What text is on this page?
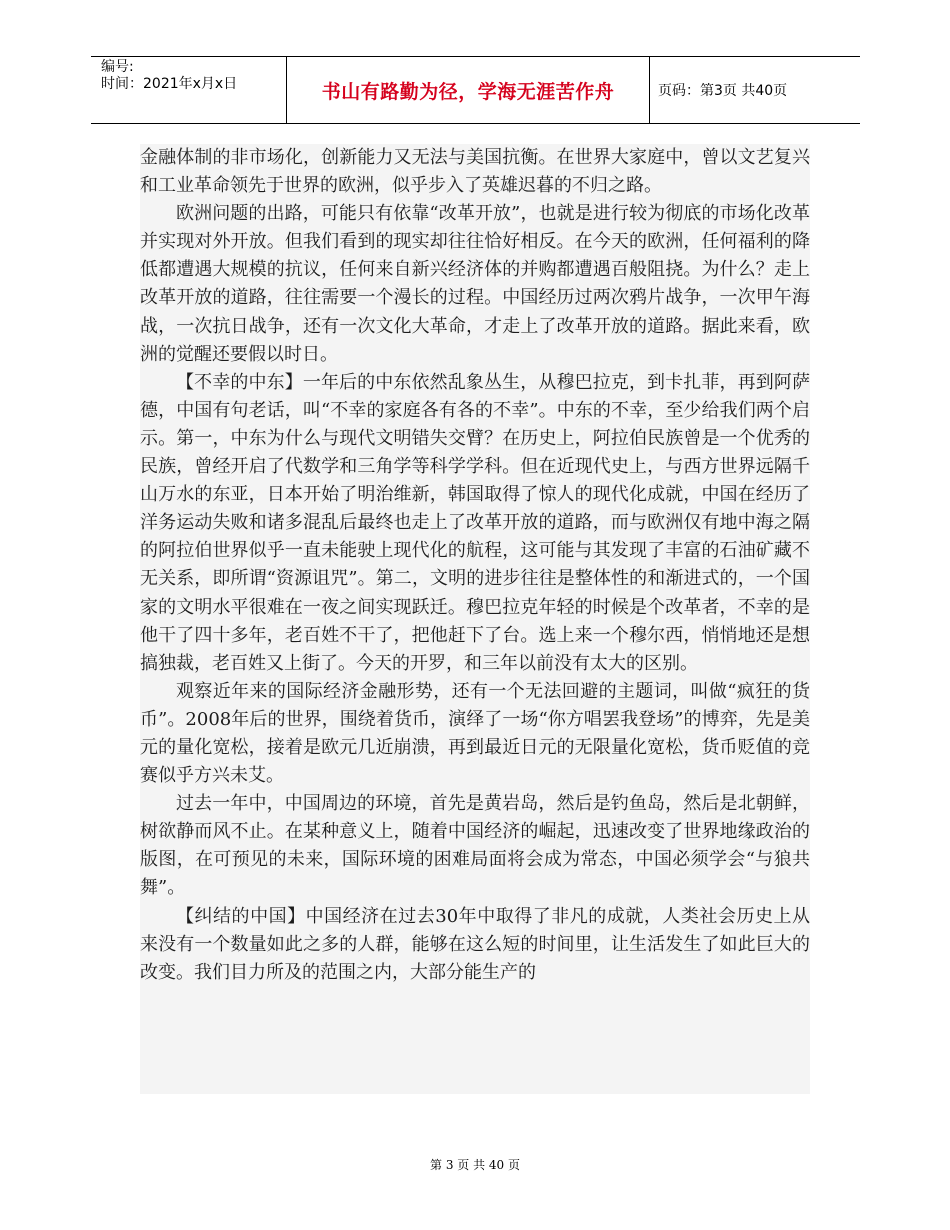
编号:
时间：2021年x月x日	书山有路勤为径，学海无涯苦作舟	页码：第3页 共40页

金融体制的非市场化，创新能力又无法与美国抗衡。在世界大家庭中，曾以文艺复兴和工业革命领先于世界的欧洲，似乎步入了英雄迟暮的不归之路。

欧洲问题的出路，可能只有依靠“改革开放”，也就是进行较为彻底的市场化改革并实现对外开放。但我们看到的现实却往往恰好相反。在今天的欧洲，任何福利的降低都遭遇大规模的抗议，任何来自新兴经济体的并购都遭遇百般阻挠。为什么？走上改革开放的道路，往往需要一个漫长的过程。中国经历过两次鸦片战争，一次甲午海战，一次抗日战争，还有一次文化大革命，才走上了改革开放的道路。据此来看，欧洲的觉醒还要假以时日。

【不幸的中东】一年后的中东依然乱象丛生，从穆巴拉克，到卡扎菲，再到阿萨德，中国有句老话，叫“不幸的家庭各有各的不幸”。中东的不幸，至少给我们两个启示。第一，中东为什么与现代文明错失交臂？在历史上，阿拉伯民族曾是一个优秀的民族，曾经开启了代数学和三角学等科学学科。但在近现代史上，与西方世界远隔千山万水的东亚，日本开始了明治维新，韩国取得了惊人的现代化成就，中国在经历了洋务运动失败和诸多混乱后最终也走上了改革开放的道路，而与欧洲仅有地中海之隔的阿拉伯世界似乎一直未能驶上现代化的航程，这可能与其发现了丰富的石油矿藏不无关系，即所谓“资源诅咒”。第二，文明的进步往往是整体性的和渐进式的，一个国家的文明水平很难在一夜之间实现跃迁。穆巴拉克年轻的时候是个改革者，不幸的是他干了四十多年，老百姓不干了，把他赶下了台。选上来一个穆尔西，悄悄地还是想搞独裁，老百姓又上街了。今天的开罗，和三年以前没有太大的区别。

观察近年来的国际经济金融形势，还有一个无法回避的主题词，叫做“疯狂的货币”。2008年后的世界，围绕着货币，演绎了一场“你方唱罢我登场”的博弈，先是美元的量化宽松，接着是欧元几近崩溃，再到最近日元的无限量化宽松，货币贬值的竞赛似乎方兴未艾。

过去一年中，中国周边的环境，首先是黄岩岛，然后是钓鱼岛，然后是北朝鲜，树欲静而风不止。在某种意义上，随着中国经济的崛起，迅速改变了世界地缘政治的版图，在可预见的未来，国际环境的困难局面将会成为常态，中国必须学会“与狼共舞”。

【纠结的中国】中国经济在过去30年中取得了非凡的成就，人类社会历史上从来没有一个数量如此之多的人群，能够在这么短的时间里，让生活发生了如此巨大的改变。我们目力所及的范围之内，大部分能生产的

第 3 页 共 40 页
